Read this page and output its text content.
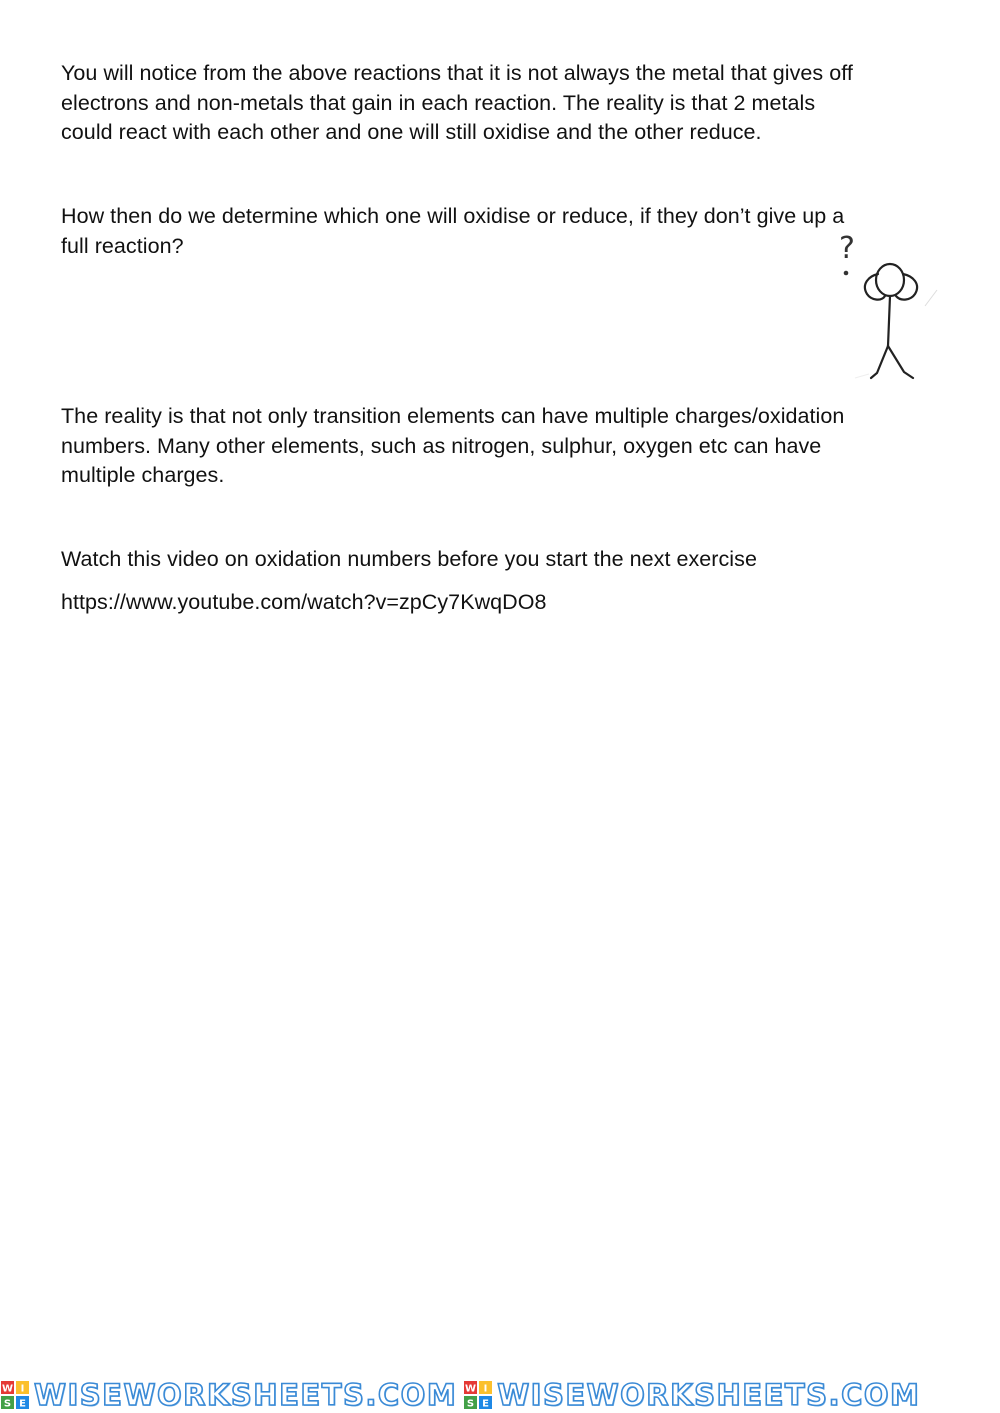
You will notice from the above reactions that it is not always the metal that gives off
electrons and non-metals that gain in each reaction. The reality is that 2 metals
could react with each other and one will still oxidise and the other reduce.

How then do we determine which one will oxidise or reduce, if they don’t give up a
full reaction?	?

The reality is that not only transition elements can have multiple charges/oxidation
numbers. Many other elements, such as nitrogen, sulphur, oxygen etc can have
multiple charges.

Watch this video on oxidation numbers before you start the next exercise

https://www.youtube.com/watch?v=zpCy7KwqDO8

W I
S E WISEWORKSHEETS.COM W I
S E WISEWORKSHEETS.COM
